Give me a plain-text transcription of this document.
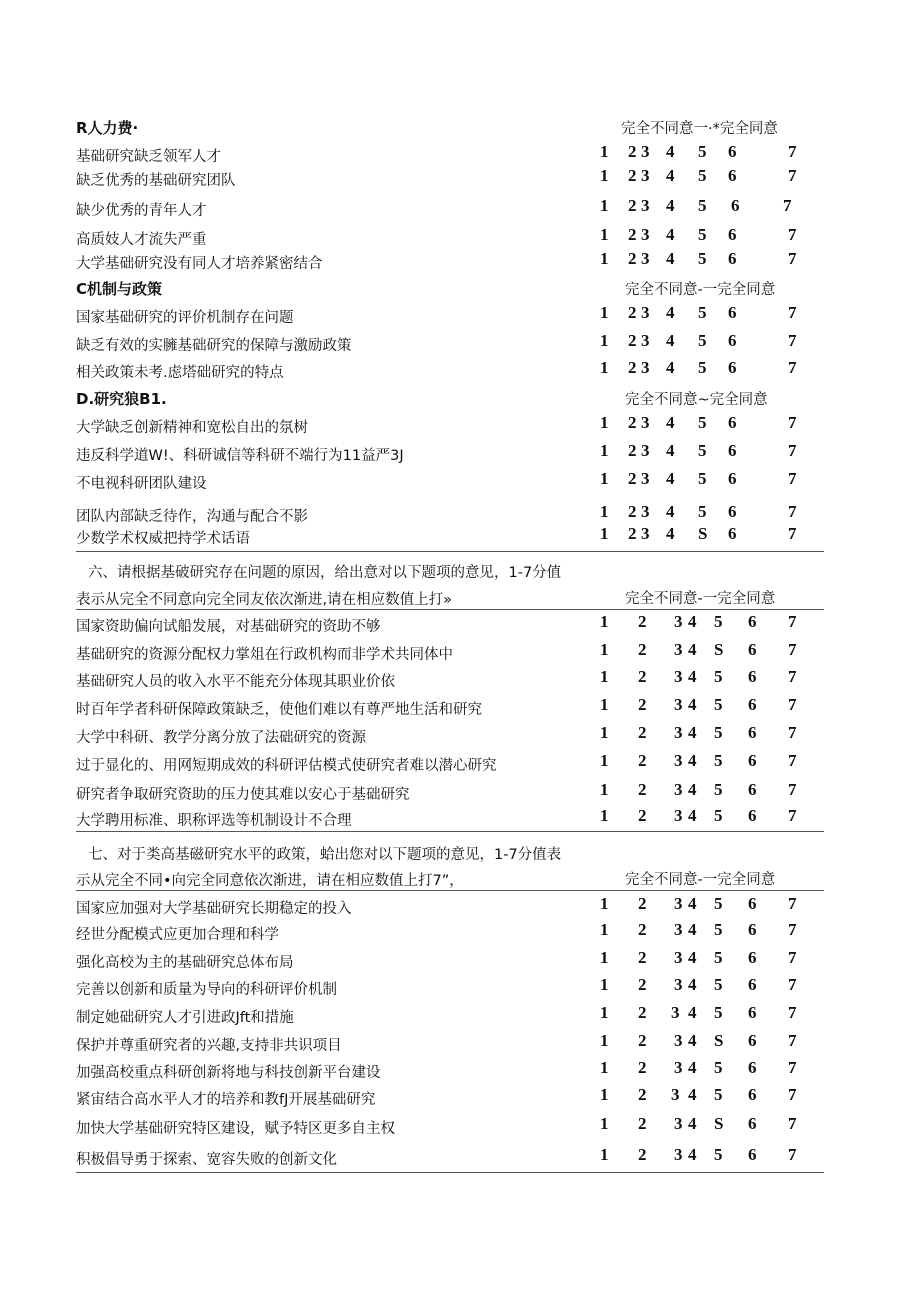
R人力费·	完全不同意一·*完全同意
基础研究缺乏领军人才	1 2 3 4 5 6	7
缺乏优秀的基础研究团队	1 2 3 4 5 6	7
缺少优秀的青年人才	1 2 3 4 5 6	7
高质妓人才流失严重	1 2 3 4 5 6	7
大学基础研究没有同人才培养紧密结合	1 2 3 4 5 6	7
C机制与政策	完全不同意-一完全同意
国家基础研究的评价机制存在问题	1 2 3 4 5 6	7
缺乏有效的实臃基础研究的保障与激励政策	1 2 3 4 5 6	7
相关政策未考.虑塔础研究的特点	1 2 3 4 5 6	7
D.研究狼B1.	完全不同意~完全同意
大学缺乏创新精神和宽松自出的氛树	1 2 3 4 5 6	7
违反科学道W!、科研诚信等科研不端行为11益严3J	1 2 3 4 5 6	7
不电视科研团队建设	1 2 3 4 5 6	7
团队内部缺乏待作，沟通与配合不影	1 2 3 4 5 6	7
少数学术权威把持学术话语	1 2 3 4 S 6	7
六、请根据基破研究存在问题的原因，给出意对以下题项的意见，1-7分值
表示从完全不同意向完全同友依次渐进,请在相应数值上打»	完全不同意-一完全同意
国家资助偏向试船发展，对基础研究的资助不够	1 2 3 4 5 6 7
基础研究的资源分配权力掌俎在行政机构而非学术共同体中	1 2 3 4 S 6 7
基础研究人员的收入水平不能充分体现其职业价依	1 2 3 4 5 6 7
时百年学者科研保障政策缺乏，使他们难以有尊严地生活和研究	1 2 3 4 5 6 7
大学中科研、教学分离分放了法础研究的资源	1 2 3 4 5 6 7
过于显化的、用网短期成效的科研评估模式使研究者难以潜心研究	1 2 3 4 5 6 7
研究者争取研究资助的压力使其难以安心于基础研究	1 2 3 4 5 6 7
大学聘用标准、职称评选等机制设计不合理	1 2 3 4 5 6 7
七、对于类高基磁研究水平的政策，蛤出您对以下题项的意见，1-7分值表
示从完全不同•向完全同意依次渐进，请在相应数值上打7”，	完全不同意-一完全同意
国家应加强对大学基础研究长期稳定的投入	1 2 3 4 5 6 7
经世分配模式应更加合理和科学	1 2 3 4 5 6 7
强化高校为主的基础研究总体布局	1 2 3 4 5 6 7
完善以创新和质量为导向的科研评价机制	1 2 3 4 5 6 7
制定她础研究人才引进政Jft和措施	1 2 3 4 5 6 7
保护并尊重研究者的兴趣,支持非共识项目	1 2 3 4 S 6 7
加强高校重点科研创新将地与科技创新平台建设	1 2 3 4 5 6 7
紧宙结合高水平人才的培养和教fJ开展基础研究	1 2 3 4 5 6 7
加快大学基础研究特区建设，赋予特区更多自主权	1 2 3 4 S 6 7
积极倡导勇于探索、宽容失败的创新文化	1 2 3 4 5 6 7
